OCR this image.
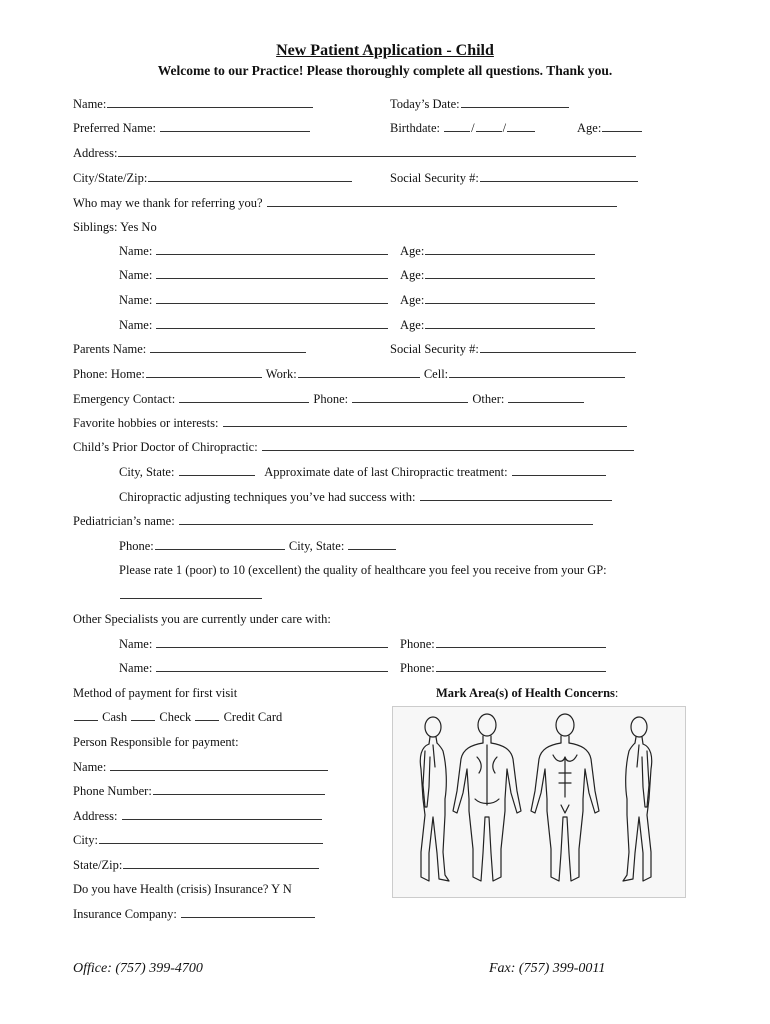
New Patient Application - Child
Welcome to our Practice! Please thoroughly complete all questions. Thank you.
Name:	Today’s Date:
Preferred Name:	Birthdate: / /	Age:
Address:
City/State/Zip:	Social Security #:
Who may we thank for referring you?
Siblings: Yes No
Name:	Age:
Name:	Age:
Name:	Age:
Name:	Age:
Parents Name:	Social Security #:
Phone: Home:	Work:	Cell:
Emergency Contact:	Phone:	Other:
Favorite hobbies or interests:
Child’s Prior Doctor of Chiropractic:
City, State:	Approximate date of last Chiropractic treatment:
Chiropractic adjusting techniques you’ve had success with:
Pediatrician’s name:
Phone:	City, State:
Please rate 1 (poor) to 10 (excellent) the quality of healthcare you feel you receive from your GP:
Other Specialists you are currently under care with:
Name:	Phone:
Name:	Phone:
Method of payment for first visit	Mark Area(s) of Health Concerns:
Cash	Check	Credit Card
Person Responsible for payment:
Name:
Phone Number:
Address:
City:
State/Zip:
Do you have Health (crisis) Insurance? Y N
Insurance Company:
Office: (757) 399-4700	Fax: (757) 399-0011
